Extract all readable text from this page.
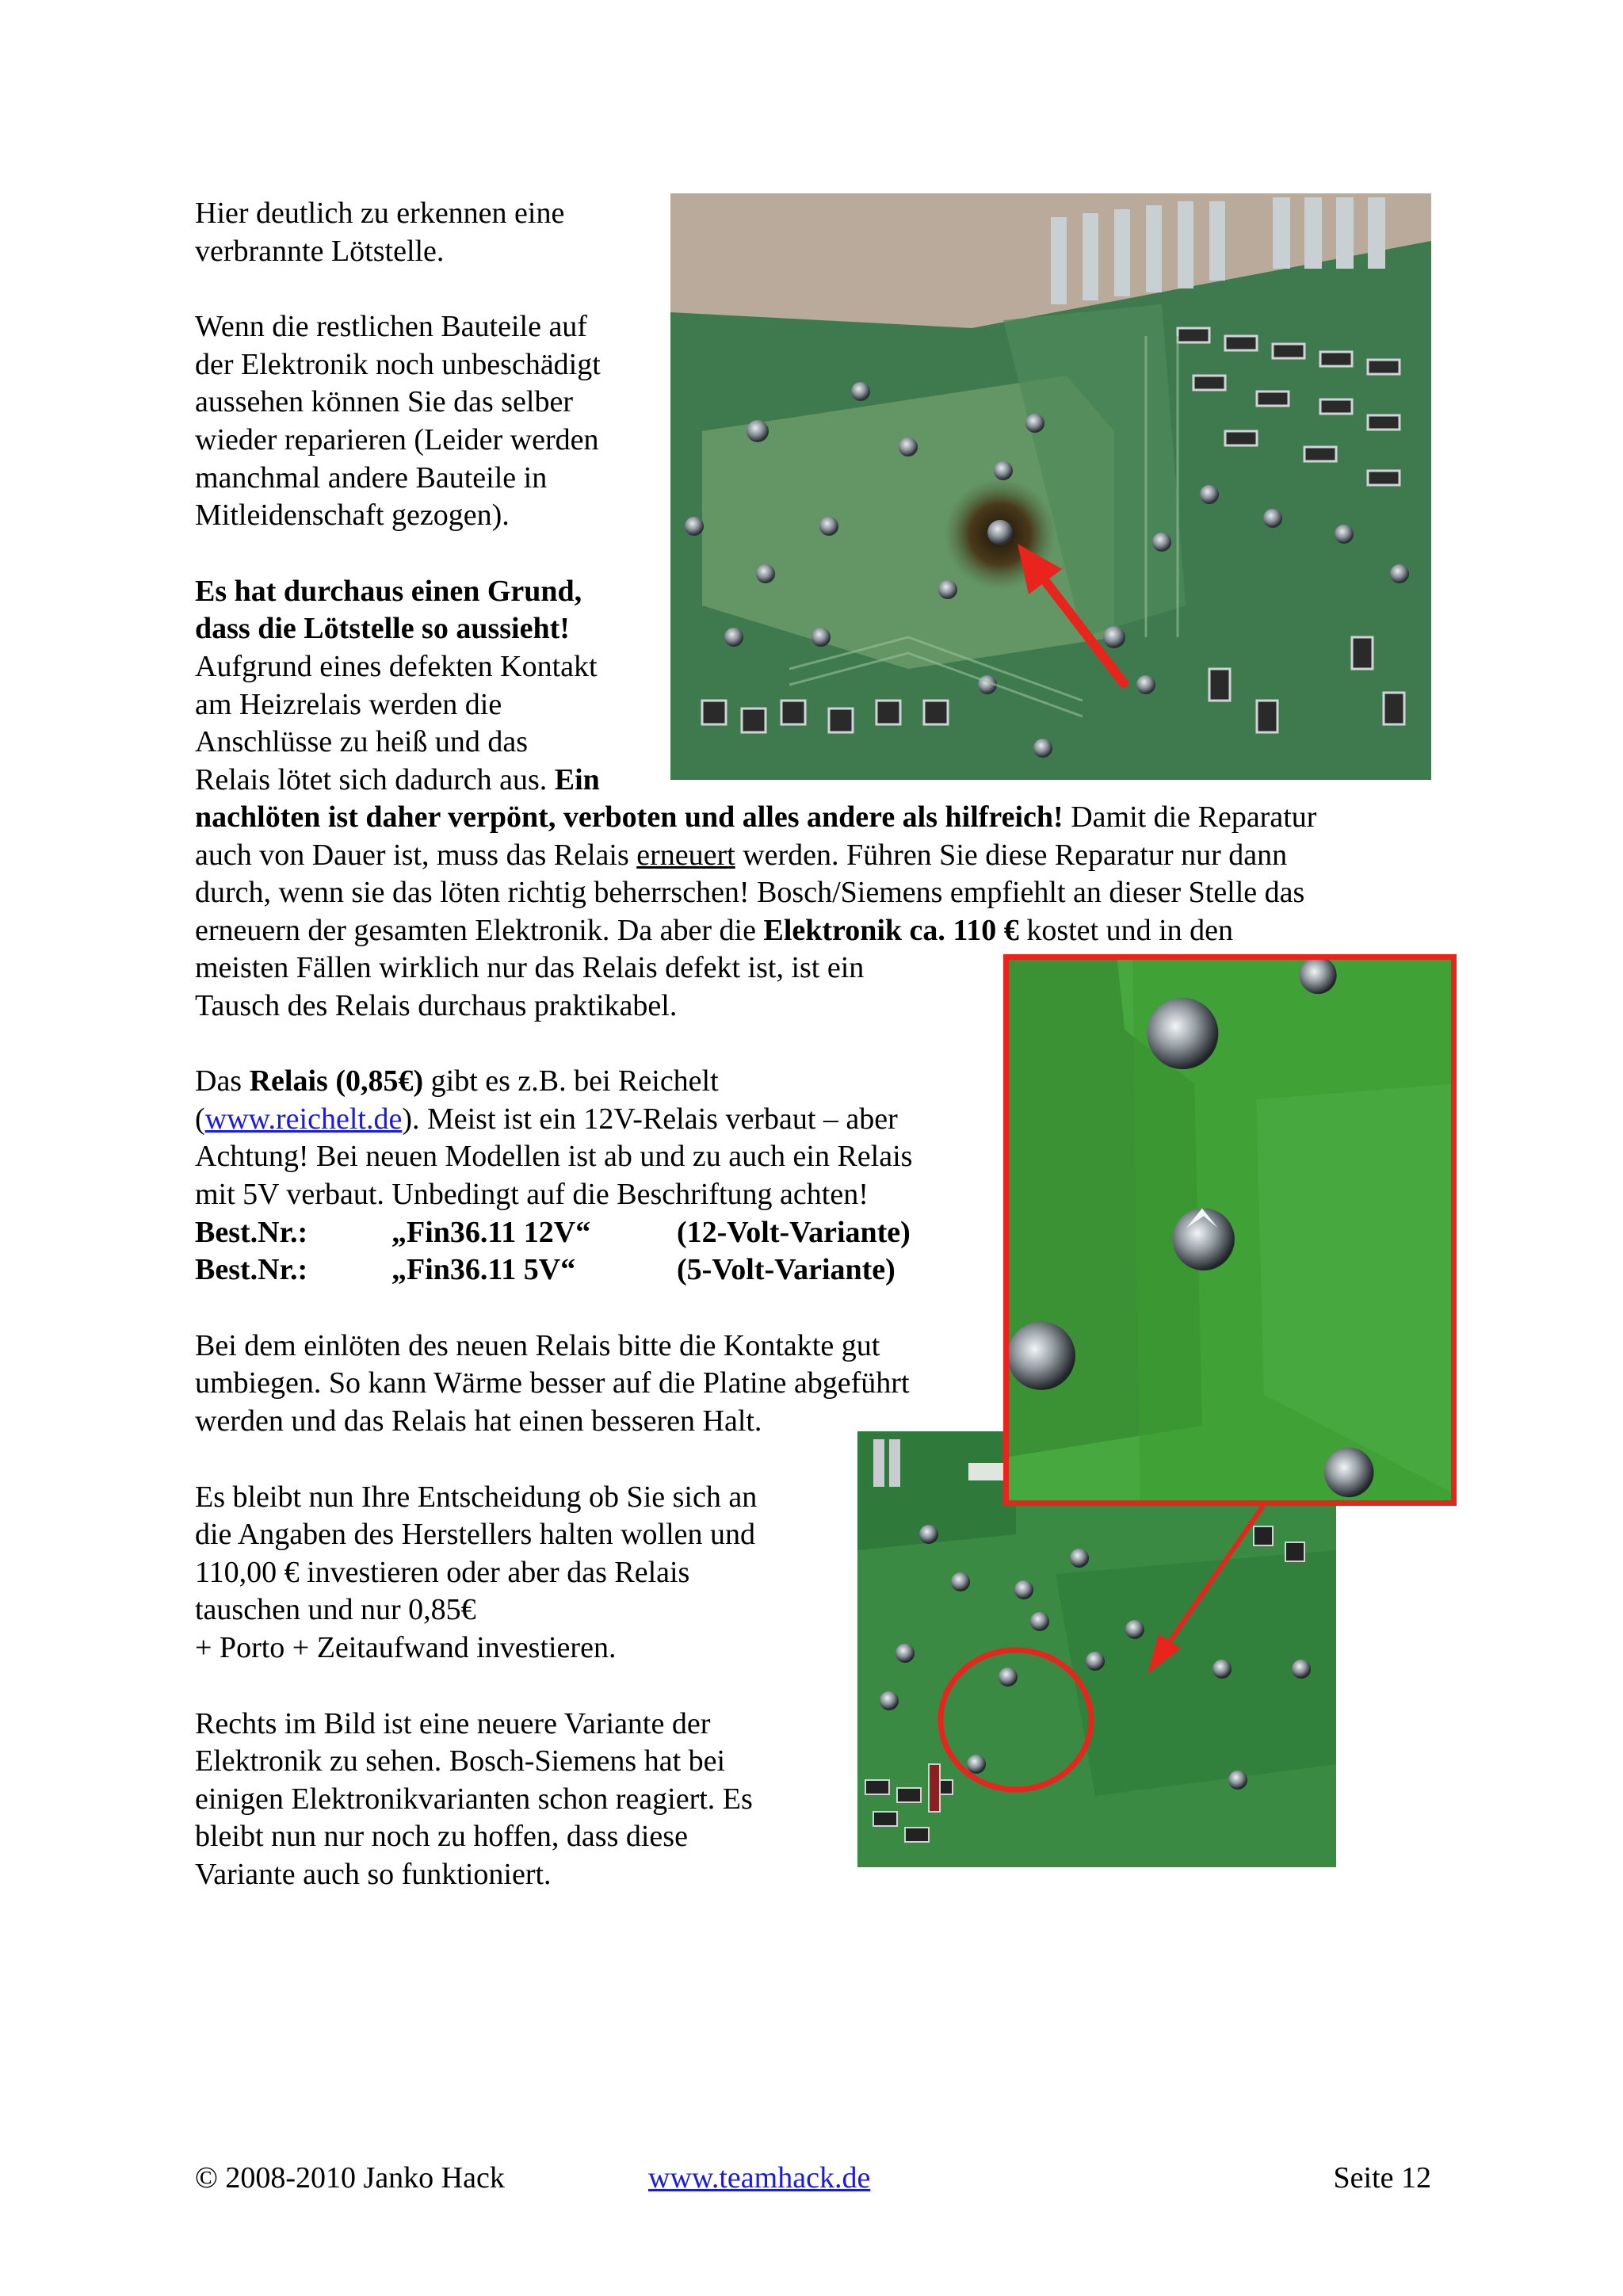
Hier deutlich zu erkennen eine

verbrannte Lötstelle.

Wenn die restlichen Bauteile auf

der Elektronik noch unbeschädigt

aussehen können Sie das selber

wieder reparieren (Leider werden

manchmal andere Bauteile in

Mitleidenschaft gezogen).

Es hat durchaus einen Grund,

dass die Lötstelle so aussieht!

Aufgrund eines defekten Kontakt

am Heizrelais werden die

Anschlüsse zu heiß und das

Relais lötet sich dadurch aus. Ein

nachlöten ist daher verpönt, verboten und alles andere als hilfreich! Damit die Reparatur

auch von Dauer ist, muss das Relais erneuert werden. Führen Sie diese Reparatur nur dann

durch, wenn sie das löten richtig beherrschen! Bosch/Siemens empfiehlt an dieser Stelle das

erneuern der gesamten Elektronik. Da aber die Elektronik ca. 110 € kostet und in den

meisten Fällen wirklich nur das Relais defekt ist, ist ein

Tausch des Relais durchaus praktikabel.

Das Relais (0,85€) gibt es z.B. bei Reichelt

(www.reichelt.de). Meist ist ein 12V-Relais verbaut – aber

Achtung! Bei neuen Modellen ist ab und zu auch ein Relais

mit 5V verbaut. Unbedingt auf die Beschriftung achten!

Best.Nr.:	„Fin36.11 12V“	(12-Volt-Variante)

Best.Nr.:	„Fin36.11 5V“	(5-Volt-Variante)

Bei dem einlöten des neuen Relais bitte die Kontakte gut

umbiegen. So kann Wärme besser auf die Platine abgeführt

werden und das Relais hat einen besseren Halt.

Es bleibt nun Ihre Entscheidung ob Sie sich an

die Angaben des Herstellers halten wollen und

110,00 € investieren oder aber das Relais

tauschen und nur 0,85€

+ Porto + Zeitaufwand investieren.

Rechts im Bild ist eine neuere Variante der

Elektronik zu sehen. Bosch-Siemens hat bei

einigen Elektronikvarianten schon reagiert. Es

bleibt nun nur noch zu hoffen, dass diese

Variante auch so funktioniert.

© 2008-2010 Janko Hack	www.teamhack.de	Seite 12
